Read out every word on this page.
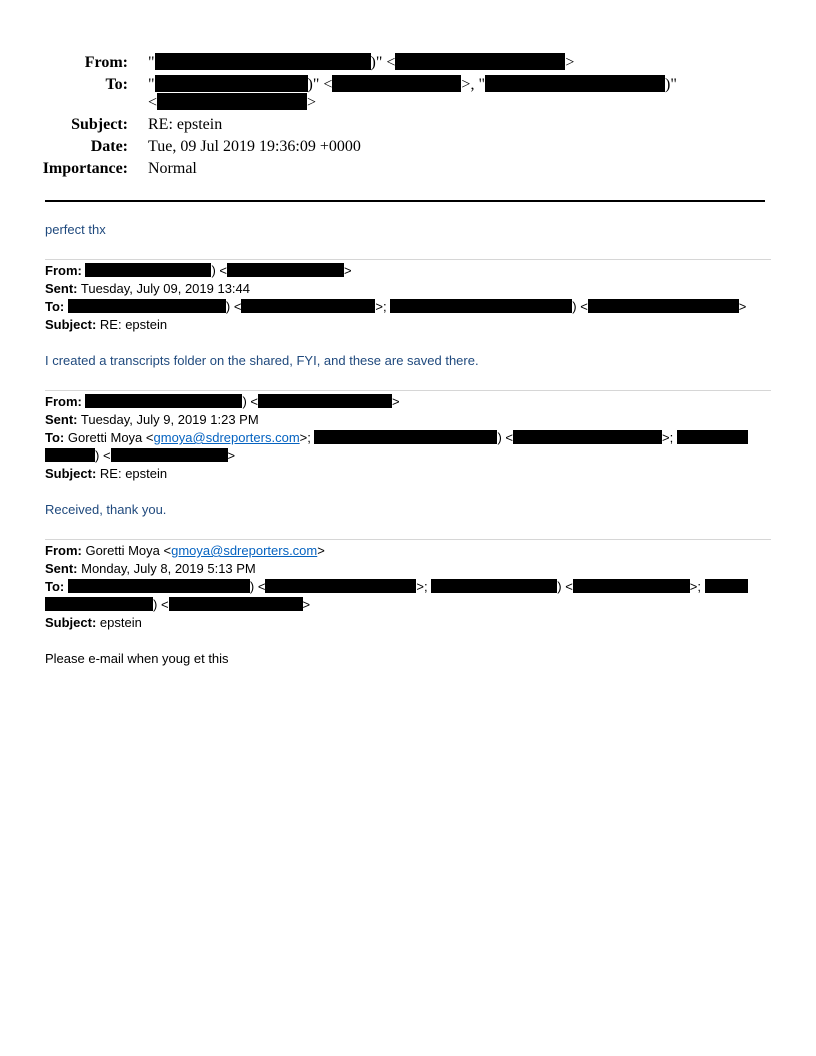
From: "	)" <	>
To: "	)" <	>, "	)"
<	>
Subject: RE: epstein
Date: Tue, 09 Jul 2019 19:36:09 +0000
Importance: Normal
perfect thx
From:	) <	>
Sent: Tuesday, July 09, 2019 13:44
To:	) <	>;	) <	>
Subject: RE: epstein
I created a transcripts folder on the shared, FYI, and these are saved there.
From:	) <	>
Sent: Tuesday, July 9, 2019 1:23 PM
To: Goretti Moya <gmoya@sdreporters.com>;	) <	>;
) <	>
Subject: RE: epstein
Received, thank you.
From: Goretti Moya <gmoya@sdreporters.com>
Sent: Monday, July 8, 2019 5:13 PM
To:	) <	>;	) <	>;
) <	>
Subject: epstein
Please e-mail when youg et this
